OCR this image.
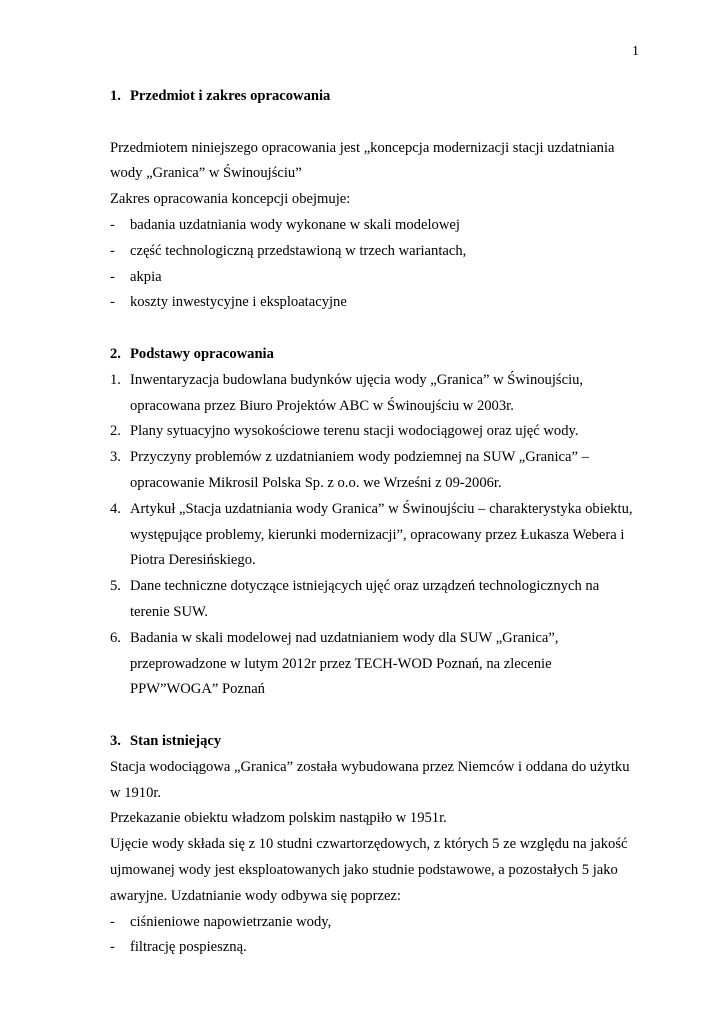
1
1. Przedmiot i zakres opracowania
Przedmiotem niniejszego opracowania jest „koncepcja modernizacji stacji uzdatniania
wody „Granica” w Świnoujściu”
Zakres opracowania koncepcji obejmuje:
-	badania uzdatniania wody wykonane w skali modelowej
-	część technologiczną przedstawioną w trzech wariantach,
-	akpia
-	koszty inwestycyjne i eksploatacyjne
2. Podstawy opracowania
1. Inwentaryzacja budowlana budynków ujęcia wody „Granica” w Świnoujściu,
opracowana przez Biuro Projektów ABC w Świnoujściu w 2003r.
2. Plany sytuacyjno wysokościowe terenu stacji wodociągowej oraz ujęć wody.
3. Przyczyny problemów z uzdatnianiem wody podziemnej na SUW „Granica” –
opracowanie Mikrosil Polska Sp. z o.o. we Wrześni z 09-2006r.
4. Artykuł „Stacja uzdatniania wody Granica” w Świnoujściu – charakterystyka obiektu,
występujące problemy, kierunki modernizacji”, opracowany przez Łukasza Webera i
Piotra Deresińskiego.
5. Dane techniczne dotyczące istniejących ujęć oraz urządzeń technologicznych na
terenie SUW.
6. Badania w skali modelowej nad uzdatnianiem wody dla SUW „Granica”,
przeprowadzone w lutym 2012r przez TECH-WOD Poznań, na zlecenie
PPW”WOGA” Poznań
3. Stan istniejący
Stacja wodociągowa „Granica” została wybudowana przez Niemców i oddana do użytku
w 1910r.
Przekazanie obiektu władzom polskim nastąpiło w 1951r.
Ujęcie wody składa się z 10 studni czwartorzędowych, z których 5 ze względu na jakość
ujmowanej wody jest eksploatowanych jako studnie podstawowe, a pozostałych 5 jako
awaryjne. Uzdatnianie wody odbywa się poprzez:
-	ciśnieniowe napowietrzanie wody,
-	filtrację pospieszną.
